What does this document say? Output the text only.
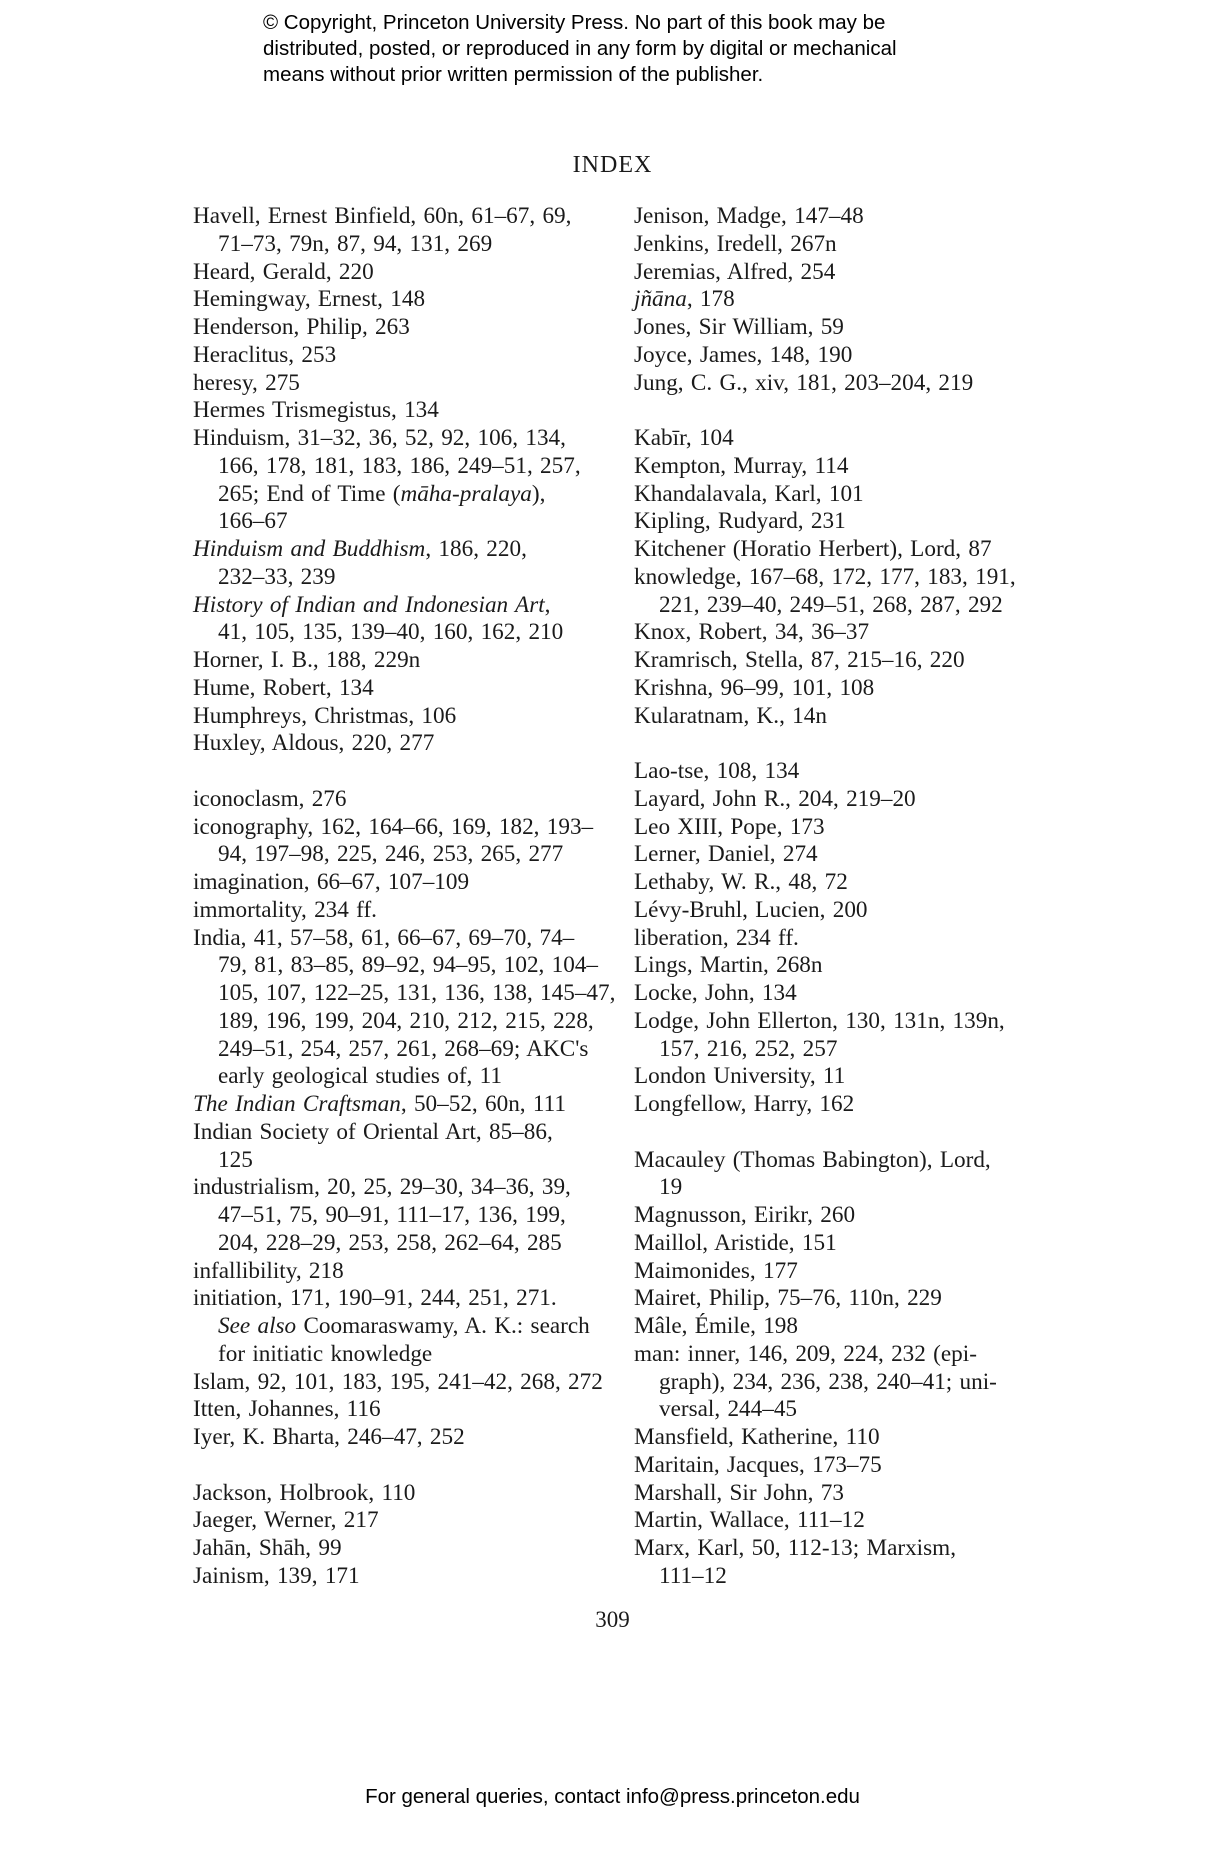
© Copyright, Princeton University Press. No part of this book may be
distributed, posted, or reproduced in any form by digital or mechanical
means without prior written permission of the publisher.
INDEX
Havell, Ernest Binfield, 60n, 61–67, 69,
71–73, 79n, 87, 94, 131, 269
Heard, Gerald, 220
Hemingway, Ernest, 148
Henderson, Philip, 263
Heraclitus, 253
heresy, 275
Hermes Trismegistus, 134
Hinduism, 31–32, 36, 52, 92, 106, 134,
166, 178, 181, 183, 186, 249–51, 257,
265; End of Time (māha-pralaya),
166–67
Hinduism and Buddhism, 186, 220,
232–33, 239
History of Indian and Indonesian Art,
41, 105, 135, 139–40, 160, 162, 210
Horner, I. B., 188, 229n
Hume, Robert, 134
Humphreys, Christmas, 106
Huxley, Aldous, 220, 277
iconoclasm, 276
iconography, 162, 164–66, 169, 182, 193–
94, 197–98, 225, 246, 253, 265, 277
imagination, 66–67, 107–109
immortality, 234 ff.
India, 41, 57–58, 61, 66–67, 69–70, 74–
79, 81, 83–85, 89–92, 94–95, 102, 104–
105, 107, 122–25, 131, 136, 138, 145–47,
189, 196, 199, 204, 210, 212, 215, 228,
249–51, 254, 257, 261, 268–69; AKC's
early geological studies of, 11
The Indian Craftsman, 50–52, 60n, 111
Indian Society of Oriental Art, 85–86,
125
industrialism, 20, 25, 29–30, 34–36, 39,
47–51, 75, 90–91, 111–17, 136, 199,
204, 228–29, 253, 258, 262–64, 285
infallibility, 218
initiation, 171, 190–91, 244, 251, 271.
See also Coomaraswamy, A. K.: search
for initiatic knowledge
Islam, 92, 101, 183, 195, 241–42, 268, 272
Itten, Johannes, 116
Iyer, K. Bharta, 246–47, 252
Jackson, Holbrook, 110
Jaeger, Werner, 217
Jahān, Shāh, 99
Jainism, 139, 171
Jenison, Madge, 147–48
Jenkins, Iredell, 267n
Jeremias, Alfred, 254
jñāna, 178
Jones, Sir William, 59
Joyce, James, 148, 190
Jung, C. G., xiv, 181, 203–204, 219
Kabīr, 104
Kempton, Murray, 114
Khandalavala, Karl, 101
Kipling, Rudyard, 231
Kitchener (Horatio Herbert), Lord, 87
knowledge, 167–68, 172, 177, 183, 191,
221, 239–40, 249–51, 268, 287, 292
Knox, Robert, 34, 36–37
Kramrisch, Stella, 87, 215–16, 220
Krishna, 96–99, 101, 108
Kularatnam, K., 14n
Lao-tse, 108, 134
Layard, John R., 204, 219–20
Leo XIII, Pope, 173
Lerner, Daniel, 274
Lethaby, W. R., 48, 72
Lévy-Bruhl, Lucien, 200
liberation, 234 ff.
Lings, Martin, 268n
Locke, John, 134
Lodge, John Ellerton, 130, 131n, 139n,
157, 216, 252, 257
London University, 11
Longfellow, Harry, 162
Macauley (Thomas Babington), Lord,
19
Magnusson, Eirikr, 260
Maillol, Aristide, 151
Maimonides, 177
Mairet, Philip, 75–76, 110n, 229
Mâle, Émile, 198
man: inner, 146, 209, 224, 232 (epi-
graph), 234, 236, 238, 240–41; uni-
versal, 244–45
Mansfield, Katherine, 110
Maritain, Jacques, 173–75
Marshall, Sir John, 73
Martin, Wallace, 111–12
Marx, Karl, 50, 112-13; Marxism,
111–12
309
For general queries, contact info@press.princeton.edu
